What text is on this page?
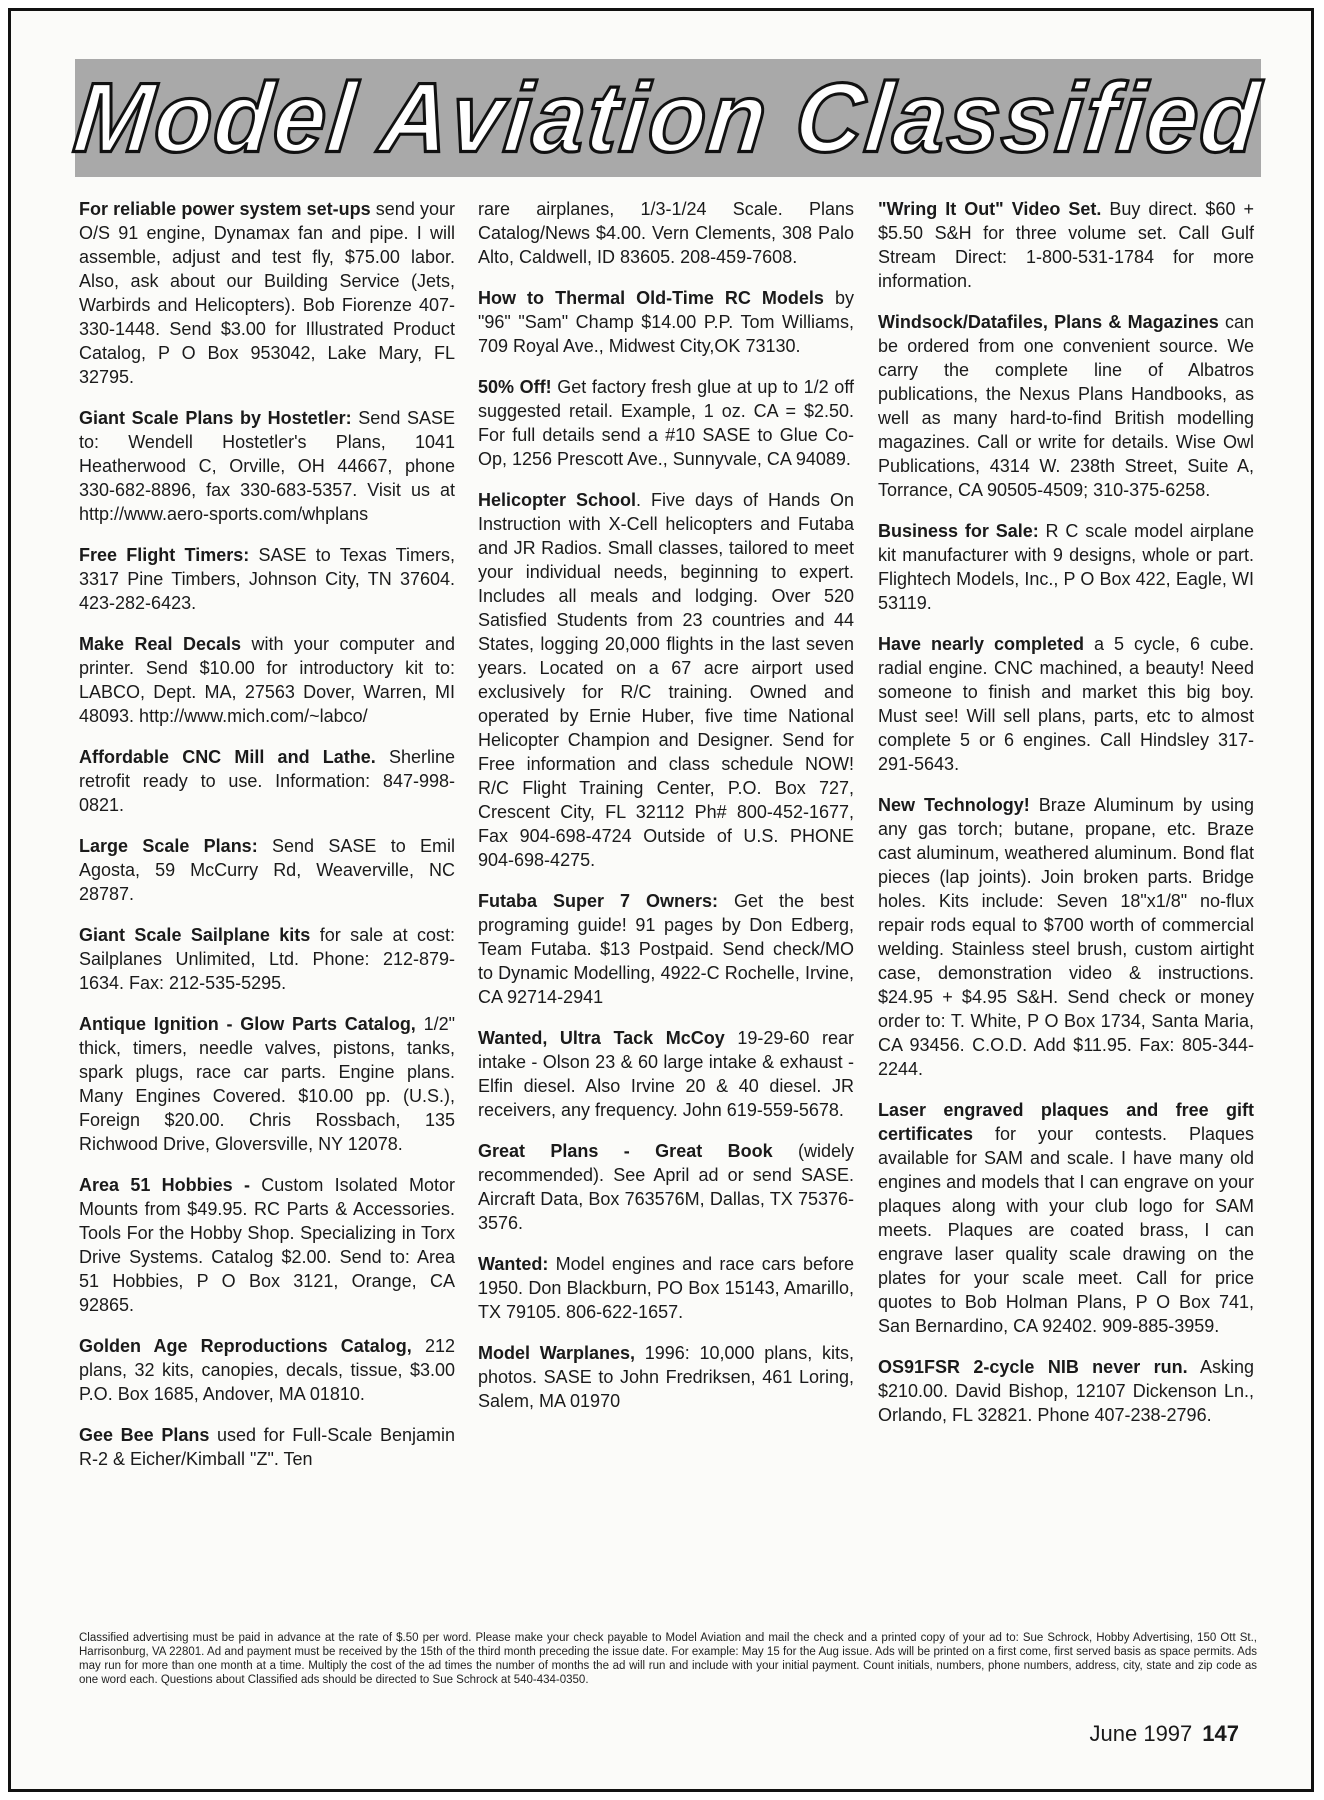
Model Aviation Classified

For reliable power system set-ups send your O/S 91 engine, Dynamax fan and pipe. I will assemble, adjust and test fly, $75.00 labor. Also, ask about our Building Service (Jets, Warbirds and Helicopters). Bob Fiorenze 407-330-1448. Send $3.00 for Illustrated Product Catalog, P O Box 953042, Lake Mary, FL 32795.

Giant Scale Plans by Hostetler: Send SASE to: Wendell Hostetler's Plans, 1041 Heatherwood C, Orville, OH 44667, phone 330-682-8896, fax 330-683-5357. Visit us at http://www.aero-sports.com/whplans

Free Flight Timers: SASE to Texas Timers, 3317 Pine Timbers, Johnson City, TN 37604. 423-282-6423.

Make Real Decals with your computer and printer. Send $10.00 for introductory kit to: LABCO, Dept. MA, 27563 Dover, Warren, MI 48093. http://www.mich.com/~labco/

Affordable CNC Mill and Lathe. Sherline retrofit ready to use. Information: 847-998-0821.

Large Scale Plans: Send SASE to Emil Agosta, 59 McCurry Rd, Weaverville, NC 28787.

Giant Scale Sailplane kits for sale at cost: Sailplanes Unlimited, Ltd. Phone: 212-879-1634. Fax: 212-535-5295.

Antique Ignition - Glow Parts Catalog, 1/2" thick, timers, needle valves, pistons, tanks, spark plugs, race car parts. Engine plans. Many Engines Covered. $10.00 pp. (U.S.), Foreign $20.00. Chris Rossbach, 135 Richwood Drive, Gloversville, NY 12078.

Area 51 Hobbies - Custom Isolated Motor Mounts from $49.95. RC Parts & Accessories. Tools For the Hobby Shop. Specializing in Torx Drive Systems. Catalog $2.00. Send to: Area 51 Hobbies, P O Box 3121, Orange, CA 92865.

Golden Age Reproductions Catalog, 212 plans, 32 kits, canopies, decals, tissue, $3.00 P.O. Box 1685, Andover, MA 01810.

Gee Bee Plans used for Full-Scale Benjamin R-2 & Eicher/Kimball "Z". Ten

rare airplanes, 1/3-1/24 Scale. Plans Catalog/News $4.00. Vern Clements, 308 Palo Alto, Caldwell, ID 83605. 208-459-7608.

How to Thermal Old-Time RC Models by "96" "Sam" Champ $14.00 P.P. Tom Williams, 709 Royal Ave., Midwest City,OK 73130.

50% Off! Get factory fresh glue at up to 1/2 off suggested retail. Example, 1 oz. CA = $2.50. For full details send a #10 SASE to Glue Co-Op, 1256 Prescott Ave., Sunnyvale, CA 94089.

Helicopter School. Five days of Hands On Instruction with X-Cell helicopters and Futaba and JR Radios. Small classes, tailored to meet your individual needs, beginning to expert. Includes all meals and lodging. Over 520 Satisfied Students from 23 countries and 44 States, logging 20,000 flights in the last seven years. Located on a 67 acre airport used exclusively for R/C training. Owned and operated by Ernie Huber, five time National Helicopter Champion and Designer. Send for Free information and class schedule NOW! R/C Flight Training Center, P.O. Box 727, Crescent City, FL 32112 Ph# 800-452-1677, Fax 904-698-4724 Outside of U.S. PHONE 904-698-4275.

Futaba Super 7 Owners: Get the best programing guide! 91 pages by Don Edberg, Team Futaba. $13 Postpaid. Send check/MO to Dynamic Modelling, 4922-C Rochelle, Irvine, CA 92714-2941

Wanted, Ultra Tack McCoy 19-29-60 rear intake - Olson 23 & 60 large intake & exhaust - Elfin diesel. Also Irvine 20 & 40 diesel. JR receivers, any frequency. John 619-559-5678.

Great Plans - Great Book (widely recommended). See April ad or send SASE. Aircraft Data, Box 763576M, Dallas, TX 75376-3576.

Wanted: Model engines and race cars before 1950. Don Blackburn, PO Box 15143, Amarillo, TX 79105. 806-622-1657.

Model Warplanes, 1996: 10,000 plans, kits, photos. SASE to John Fredriksen, 461 Loring, Salem, MA 01970

"Wring It Out" Video Set. Buy direct. $60 + $5.50 S&H for three volume set. Call Gulf Stream Direct: 1-800-531-1784 for more information.

Windsock/Datafiles, Plans & Magazines can be ordered from one convenient source. We carry the complete line of Albatros publications, the Nexus Plans Handbooks, as well as many hard-to-find British modelling magazines. Call or write for details. Wise Owl Publications, 4314 W. 238th Street, Suite A, Torrance, CA 90505-4509; 310-375-6258.

Business for Sale: R C scale model airplane kit manufacturer with 9 designs, whole or part. Flightech Models, Inc., P O Box 422, Eagle, WI 53119.

Have nearly completed a 5 cycle, 6 cube. radial engine. CNC machined, a beauty! Need someone to finish and market this big boy. Must see! Will sell plans, parts, etc to almost complete 5 or 6 engines. Call Hindsley 317-291-5643.

New Technology! Braze Aluminum by using any gas torch; butane, propane, etc. Braze cast aluminum, weathered aluminum. Bond flat pieces (lap joints). Join broken parts. Bridge holes. Kits include: Seven 18"x1/8" no-flux repair rods equal to $700 worth of commercial welding. Stainless steel brush, custom airtight case, demonstration video & instructions. $24.95 + $4.95 S&H. Send check or money order to: T. White, P O Box 1734, Santa Maria, CA 93456. C.O.D. Add $11.95. Fax: 805-344-2244.

Laser engraved plaques and free gift certificates for your contests. Plaques available for SAM and scale. I have many old engines and models that I can engrave on your plaques along with your club logo for SAM meets. Plaques are coated brass, I can engrave laser quality scale drawing on the plates for your scale meet. Call for price quotes to Bob Holman Plans, P O Box 741, San Bernardino, CA 92402. 909-885-3959.

OS91FSR 2-cycle NIB never run. Asking $210.00. David Bishop, 12107 Dickenson Ln., Orlando, FL 32821. Phone 407-238-2796.

Classified advertising must be paid in advance at the rate of $.50 per word. Please make your check payable to Model Aviation and mail the check and a printed copy of your ad to: Sue Schrock, Hobby Advertising, 150 Ott St., Harrisonburg, VA 22801. Ad and payment must be received by the 15th of the third month preceding the issue date. For example: May 15 for the Aug issue. Ads will be printed on a first come, first served basis as space permits. Ads may run for more than one month at a time. Multiply the cost of the ad times the number of months the ad will run and include with your initial payment. Count initials, numbers, phone numbers, address, city, state and zip code as one word each. Questions about Classified ads should be directed to Sue Schrock at 540-434-0350.
June 1997 147
